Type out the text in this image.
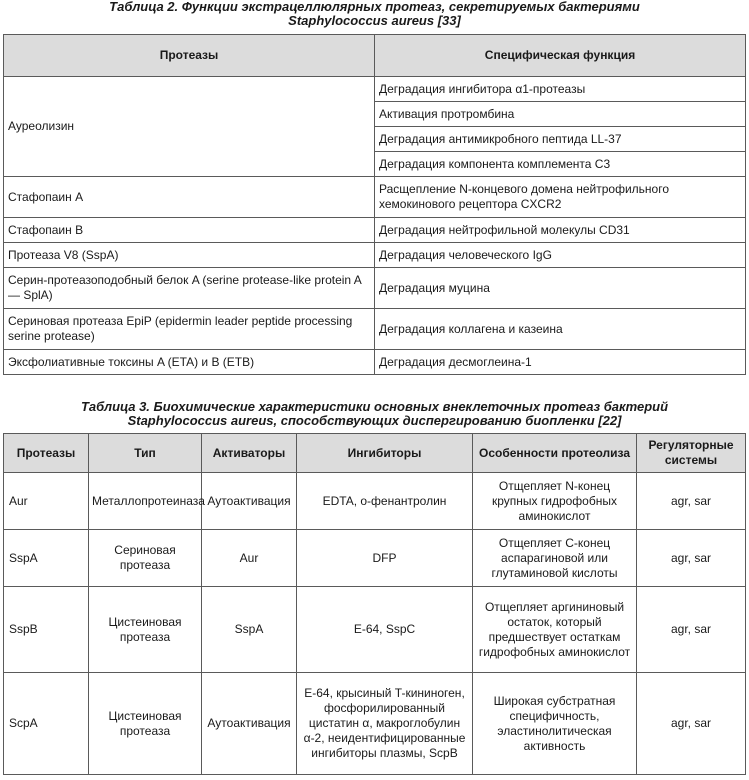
Таблица 2. Функции экстрацеллюлярных протеаз, секретируемых бактериями
Staphylococcus aureus [33]
Протеазы	Специфическая функция
Ауреолизин	Деградация ингибитора α1-протеазы
	Активация протромбина
	Деградация антимикробного пептида LL-37
	Деградация компонента комплемента C3
Стафопаин A	Расщепление N-концевого домена нейтрофильного хемокинового рецептора CXCR2
Стафопаин B	Деградация нейтрофильной молекулы CD31
Протеаза V8 (SspA)	Деградация человеческого IgG
Серин-протеазоподобный белок A (serine protease-like protein A — SplA)	Деградация муцина
Сериновая протеаза EpiP (epidermin leader peptide processing serine protease)	Деградация коллагена и казеина
Эксфолиативные токсины A (ETA) и B (ETB)	Деградация десмоглеина-1
Таблица 3. Биохимические характеристики основных внеклеточных протеаз бактерий
Staphylococcus aureus, способствующих диспергированию биопленки [22]
Протеазы	Тип	Активаторы	Ингибиторы	Особенности протеолиза	Регуляторные системы
Aur	Металлопротеиназа	Аутоактивация	EDTA, о-фенантролин	Отщепляет N-конец крупных гидрофобных аминокислот	agr, sar
SspA	Сериновая протеаза	Aur	DFP	Отщепляет C-конец аспарагиновой или глутаминовой кислоты	agr, sar
SspB	Цистеиновая протеаза	SspA	E-64, SspC	Отщепляет аргининовый остаток, который предшествует остаткам гидрофобных аминокислот	agr, sar
ScpA	Цистеиновая протеаза	Аутоактивация	E-64, крысиный T-кининоген, фосфорилированный цистатин α, макроглобулин α-2, неидентифицированные ингибиторы плазмы, ScpB	Широкая субстратная специфичность, эластинолитическая активность	agr, sar
